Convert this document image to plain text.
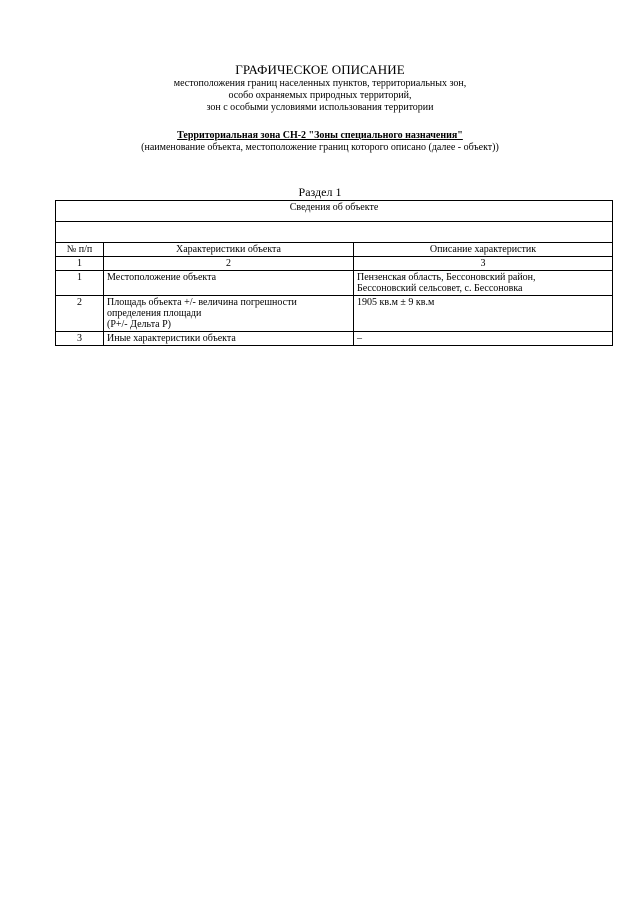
ГРАФИЧЕСКОЕ ОПИСАНИЕ
местоположения границ населенных пунктов, территориальных зон,
особо охраняемых природных территорий,
зон с особыми условиями использования территории
Территориальная зона СН-2 "Зоны специального назначения"
(наименование объекта, местоположение границ которого описано (далее - объект))
Раздел 1
Сведения об объекте		

№ п/п	Характеристики объекта	Описание характеристик
1	2	3
1	Местоположение объекта	Пензенская область, Бессоновский район,
Бессоновский сельсовет, с. Бессоновка

2	Площадь объекта +/- величина погрешности
определения площади
(P+/- Дельта P)	1905 кв.м ± 9 кв.м
3	Иные характеристики объекта	–
